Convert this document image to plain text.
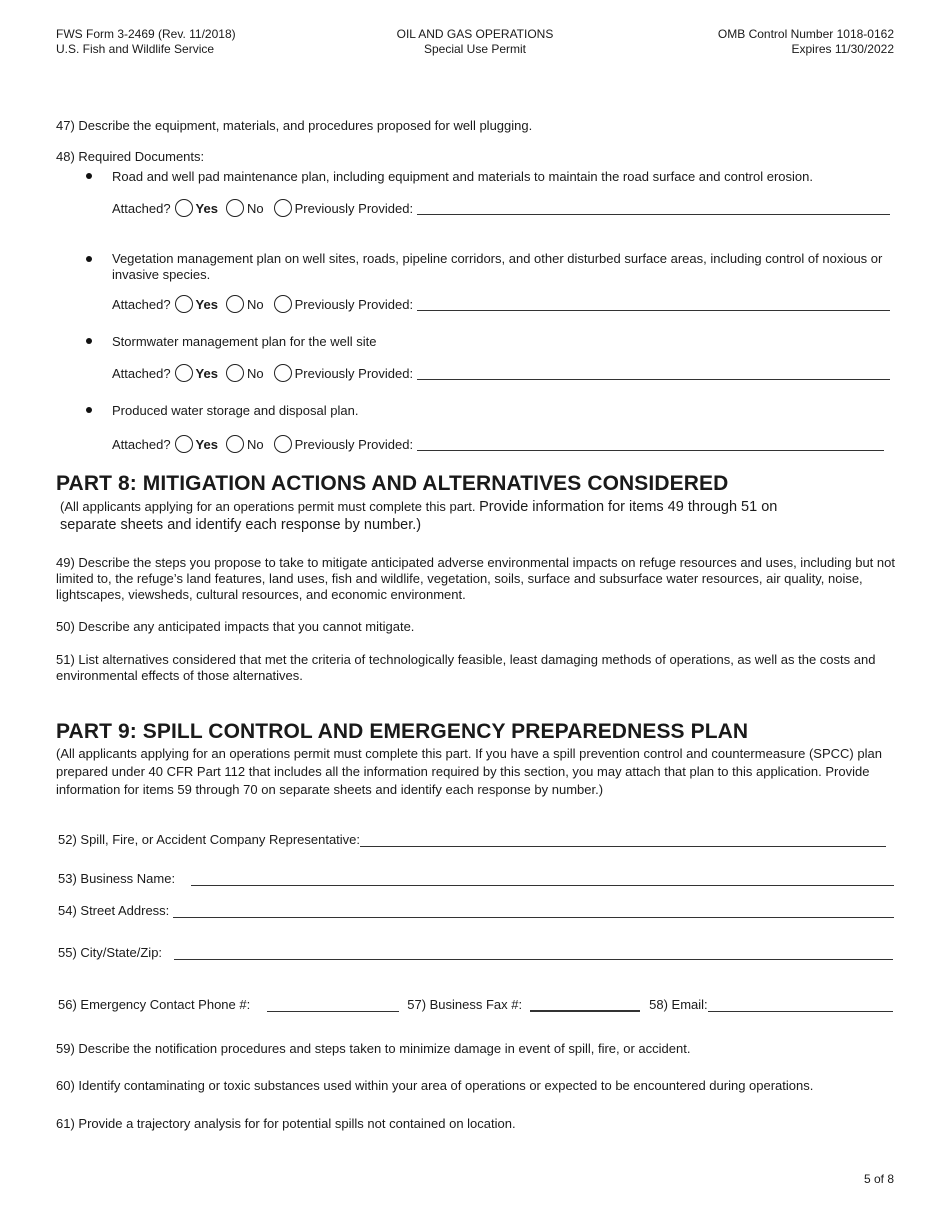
FWS Form 3-2469 (Rev. 11/2018)
U.S. Fish and Wildlife Service
OIL AND GAS OPERATIONS
Special Use Permit
OMB Control Number 1018-0162
Expires 11/30/2022
47) Describe the equipment, materials, and procedures proposed for well plugging.
48) Required Documents:
Road and well pad maintenance plan, including equipment and materials to maintain the road surface and control erosion.
Attached? Yes No Previously Provided:
Vegetation management plan on well sites, roads, pipeline corridors, and other disturbed surface areas, including control of noxious or invasive species.
Attached? Yes No Previously Provided:
Stormwater management plan for the well site
Attached? Yes No Previously Provided:
Produced water storage and disposal plan.
Attached? Yes No Previously Provided:
PART 8: MITIGATION ACTIONS AND ALTERNATIVES CONSIDERED
(All applicants applying for an operations permit must complete this part. Provide information for items 49 through 51 on
separate sheets and identify each response by number.)
49) Describe the steps you propose to take to mitigate anticipated adverse environmental impacts on refuge resources and uses, including but not limited to, the refuge’s land features, land uses, fish and wildlife, vegetation, soils, surface and subsurface water resources, air quality, noise, lightscapes, viewsheds, cultural resources, and economic environment.
50) Describe any anticipated impacts that you cannot mitigate.
51) List alternatives considered that met the criteria of technologically feasible, least damaging methods of operations, as well as the costs and environmental effects of those alternatives.
PART 9: SPILL CONTROL AND EMERGENCY PREPAREDNESS PLAN
(All applicants applying for an operations permit must complete this part. If you have a spill prevention control and countermeasure (SPCC) plan prepared under 40 CFR Part 112 that includes all the information required by this section, you may attach that plan to this application. Provide information for items 59 through 70 on separate sheets and identify each response by number.)
52) Spill, Fire, or Accident Company Representative:
53) Business Name:
54) Street Address:
55) City/State/Zip:
56) Emergency Contact Phone #:	57) Business Fax #:	58) Email:
59) Describe the notification procedures and steps taken to minimize damage in event of spill, fire, or accident.
60) Identify contaminating or toxic substances used within your area of operations or expected to be encountered during operations.
61) Provide a trajectory analysis for for potential spills not contained on location.
5 of 8
